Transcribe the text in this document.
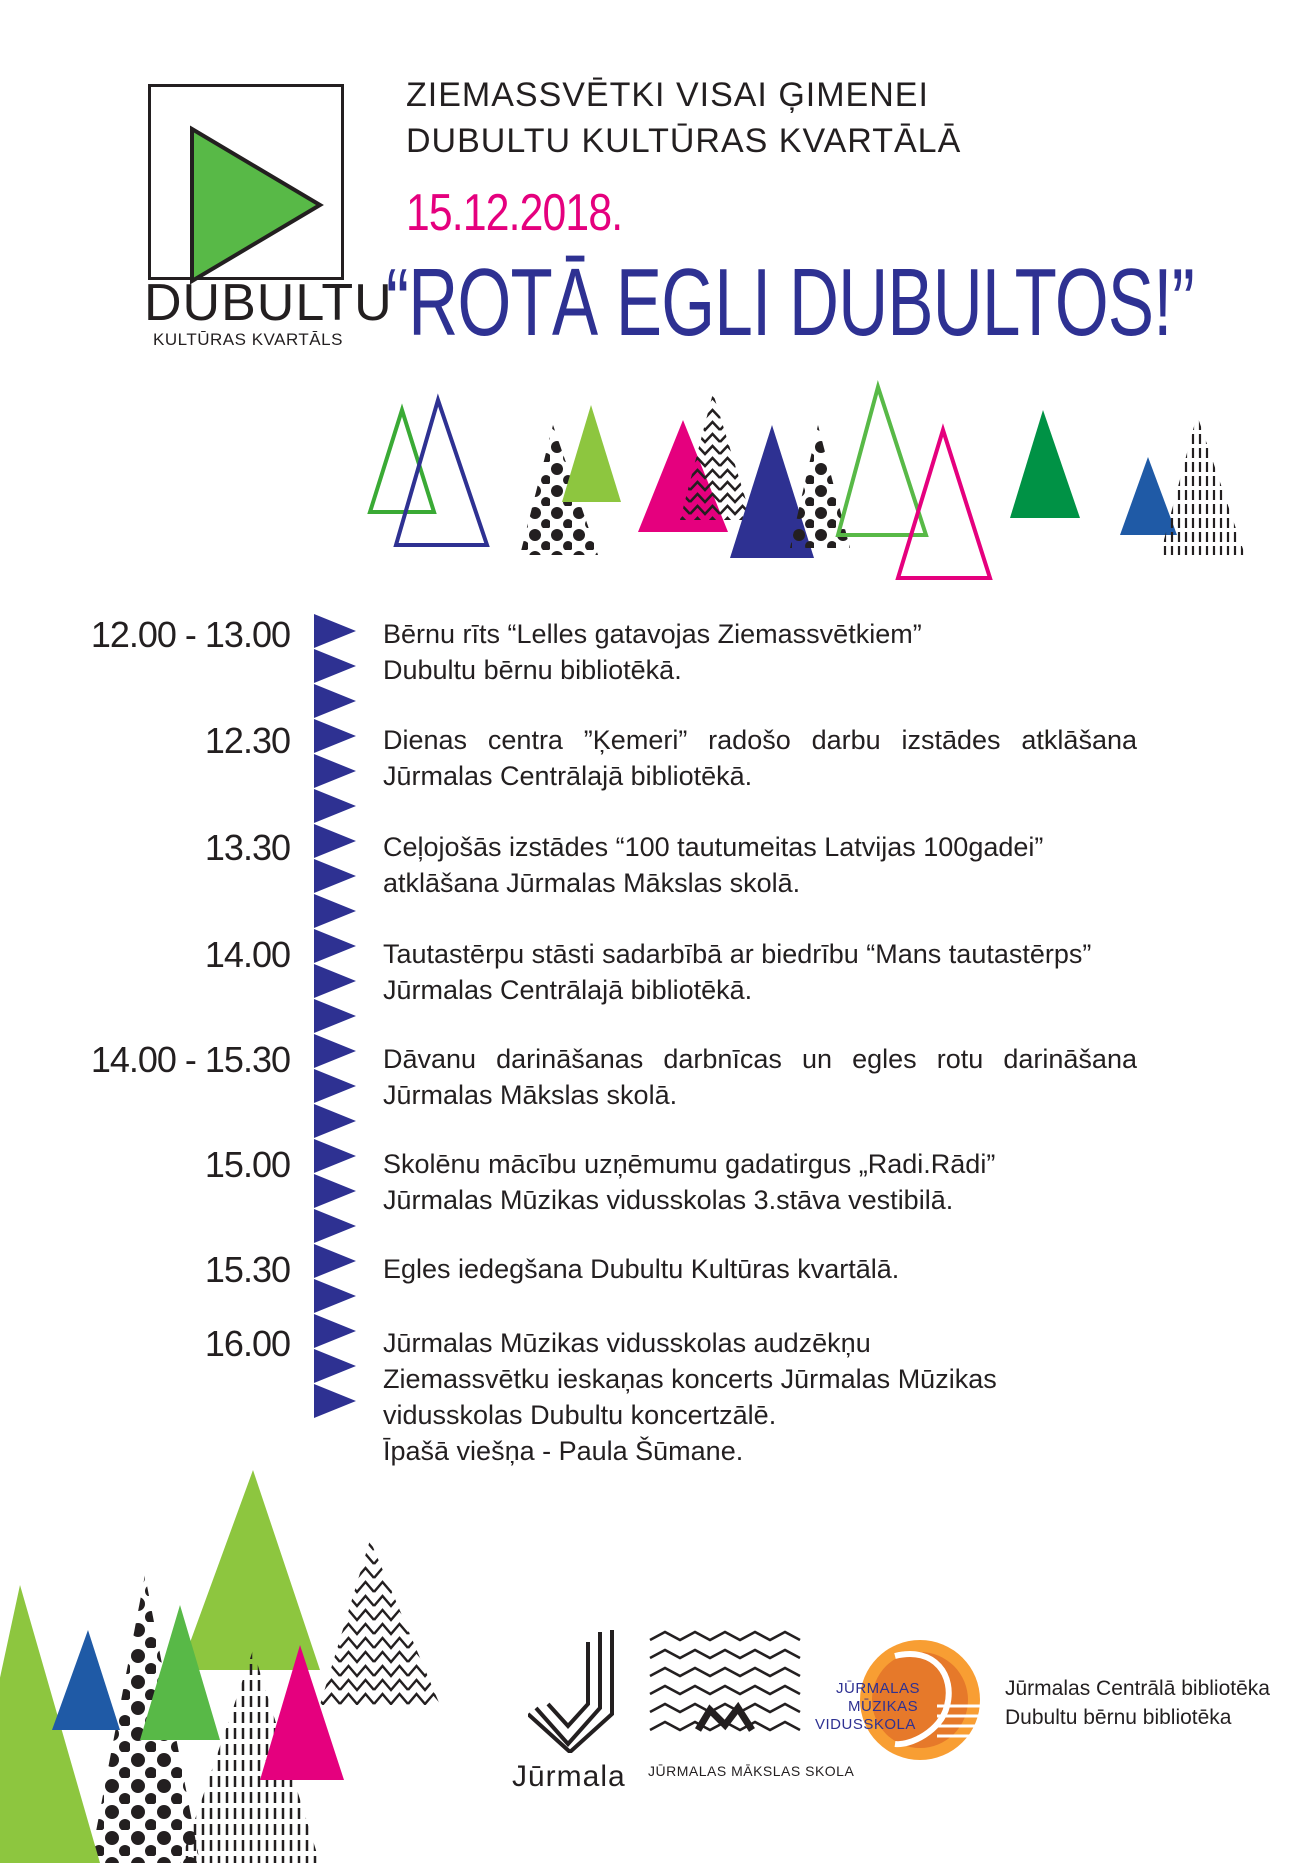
DUBULTU
KULTŪRAS KVARTĀLS
ZIEMASSVĒTKI VISAI ĢIMENEI
DUBULTU KULTŪRAS KVARTĀLĀ
15.12.2018.
“ROTĀ EGLI DUBULTOS!”
12.00 - 13.00	Bērnu rīts “Lelles gatavojas Ziemassvētkiem”
Dubultu bērnu bibliotēkā.
12.30	Dienas centra ”Ķemeri” radošo darbu izstādes atklāšana
Jūrmalas Centrālajā bibliotēkā.
13.30	Ceļojošās izstādes “100 tautumeitas Latvijas 100gadei”
atklāšana Jūrmalas Mākslas skolā.
14.00	Tautastērpu stāsti sadarbībā ar biedrību “Mans tautastērps”
Jūrmalas Centrālajā bibliotēkā.
14.00 - 15.30	Dāvanu darināšanas darbnīcas un egles rotu darināšana
Jūrmalas Mākslas skolā.
15.00	Skolēnu mācību uzņēmumu gadatirgus „Radi.Rādi”
Jūrmalas Mūzikas vidusskolas 3.stāva vestibilā.
15.30	Egles iedegšana Dubultu Kultūras kvartālā.
16.00	Jūrmalas Mūzikas vidusskolas audzēkņu
Ziemassvētku ieskaņas koncerts Jūrmalas Mūzikas
vidusskolas Dubultu koncertzālē.
Īpašā viešņa - Paula Šūmane.
Jūrmala JŪRMALAS MĀKSLAS SKOLA
JŪRMALAS
MŪZIKAS
VIDUSSKOLA
Jūrmalas Centrālā bibliotēka
Dubultu bērnu bibliotēka
